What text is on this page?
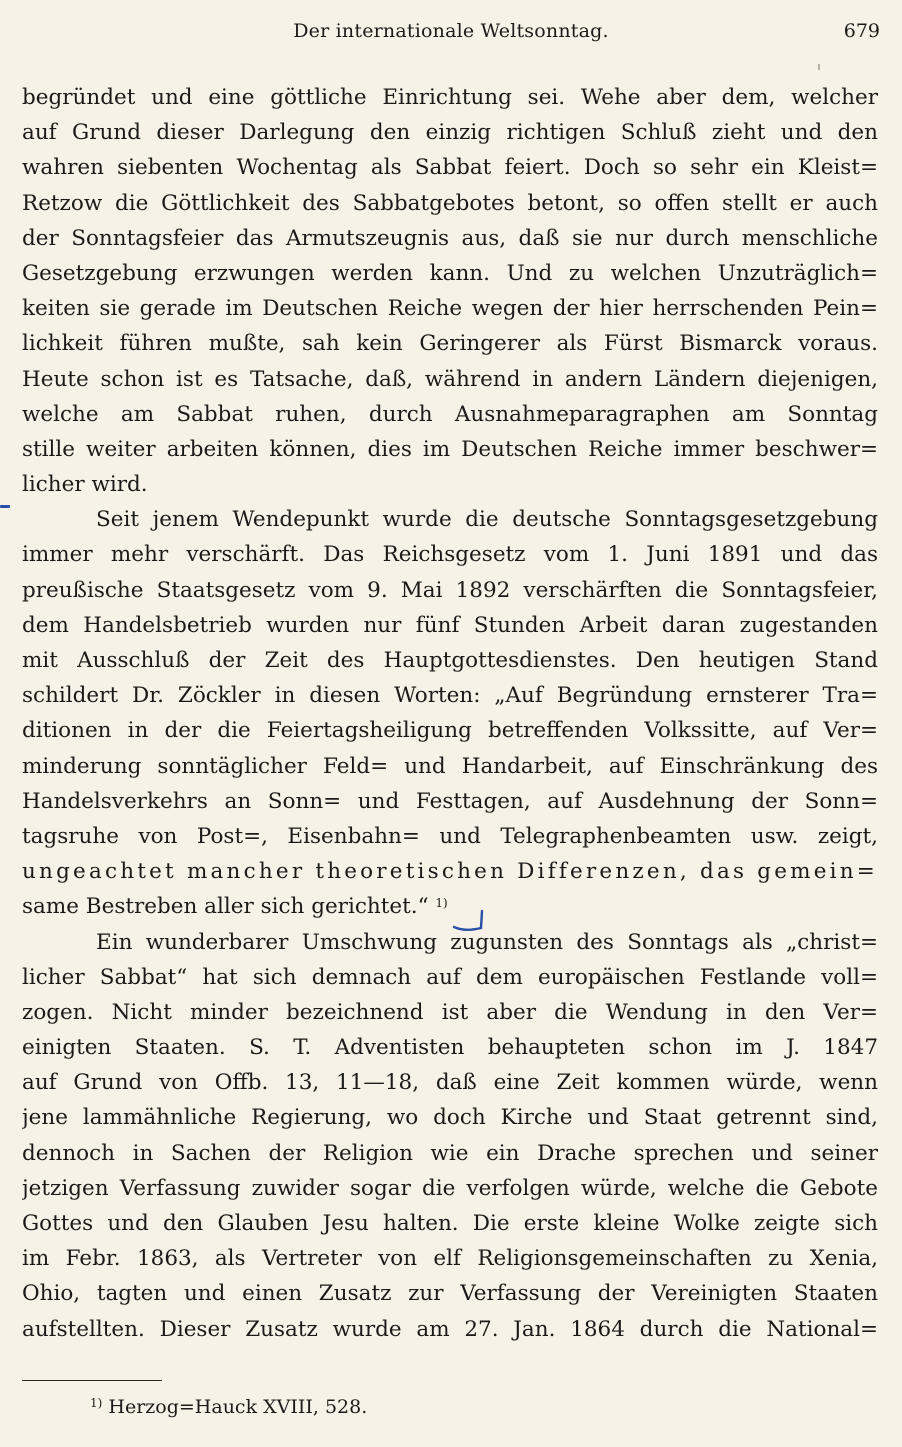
Der internationale Weltsonntag.	679
begründet und eine göttliche Einrichtung sei. Wehe aber dem, welcher
auf Grund dieser Darlegung den einzig richtigen Schluß zieht und den
wahren siebenten Wochentag als Sabbat feiert. Doch so sehr ein Kleist=
Retzow die Göttlichkeit des Sabbatgebotes betont, so offen stellt er auch
der Sonntagsfeier das Armutszeugnis aus, daß sie nur durch menschliche
Gesetzgebung erzwungen werden kann. Und zu welchen Unzuträglich=
keiten sie gerade im Deutschen Reiche wegen der hier herrschenden Pein=
lichkeit führen mußte, sah kein Geringerer als Fürst Bismarck voraus.
Heute schon ist es Tatsache, daß, während in andern Ländern diejenigen,
welche am Sabbat ruhen, durch Ausnahmeparagraphen am Sonntag
stille weiter arbeiten können, dies im Deutschen Reiche immer beschwer=
licher wird.
Seit jenem Wendepunkt wurde die deutsche Sonntagsgesetzgebung
immer mehr verschärft. Das Reichsgesetz vom 1. Juni 1891 und das
preußische Staatsgesetz vom 9. Mai 1892 verschärften die Sonntagsfeier,
dem Handelsbetrieb wurden nur fünf Stunden Arbeit daran zugestanden
mit Ausschluß der Zeit des Hauptgottesdienstes. Den heutigen Stand
schildert Dr. Zöckler in diesen Worten: „Auf Begründung ernsterer Tra=
ditionen in der die Feiertagsheiligung betreffenden Volkssitte, auf Ver=
minderung sonntäglicher Feld= und Handarbeit, auf Einschränkung des
Handelsverkehrs an Sonn= und Festtagen, auf Ausdehnung der Sonn=
tagsruhe von Post=, Eisenbahn= und Telegraphenbeamten usw. zeigt,
ungeachtet mancher theoretischen Differenzen, das gemein=
same Bestreben aller sich gerichtet.“ $^{1)}$
Ein wunderbarer Umschwung zugunsten des Sonntags als „christ=
licher Sabbat“ hat sich demnach auf dem europäischen Festlande voll=
zogen. Nicht minder bezeichnend ist aber die Wendung in den Ver=
einigten Staaten. S. T. Adventisten behaupteten schon im J. 1847
auf Grund von Offb. 13, 11—18, daß eine Zeit kommen würde, wenn
jene lammähnliche Regierung, wo doch Kirche und Staat getrennt sind,
dennoch in Sachen der Religion wie ein Drache sprechen und seiner
jetzigen Verfassung zuwider sogar die verfolgen würde, welche die Gebote
Gottes und den Glauben Jesu halten. Die erste kleine Wolke zeigte sich
im Febr. 1863, als Vertreter von elf Religionsgemeinschaften zu Xenia,
Ohio, tagten und einen Zusatz zur Verfassung der Vereinigten Staaten
aufstellten. Dieser Zusatz wurde am 27. Jan. 1864 durch die National=
$^{1)}$ Herzog=Hauck XVIII, 528.
